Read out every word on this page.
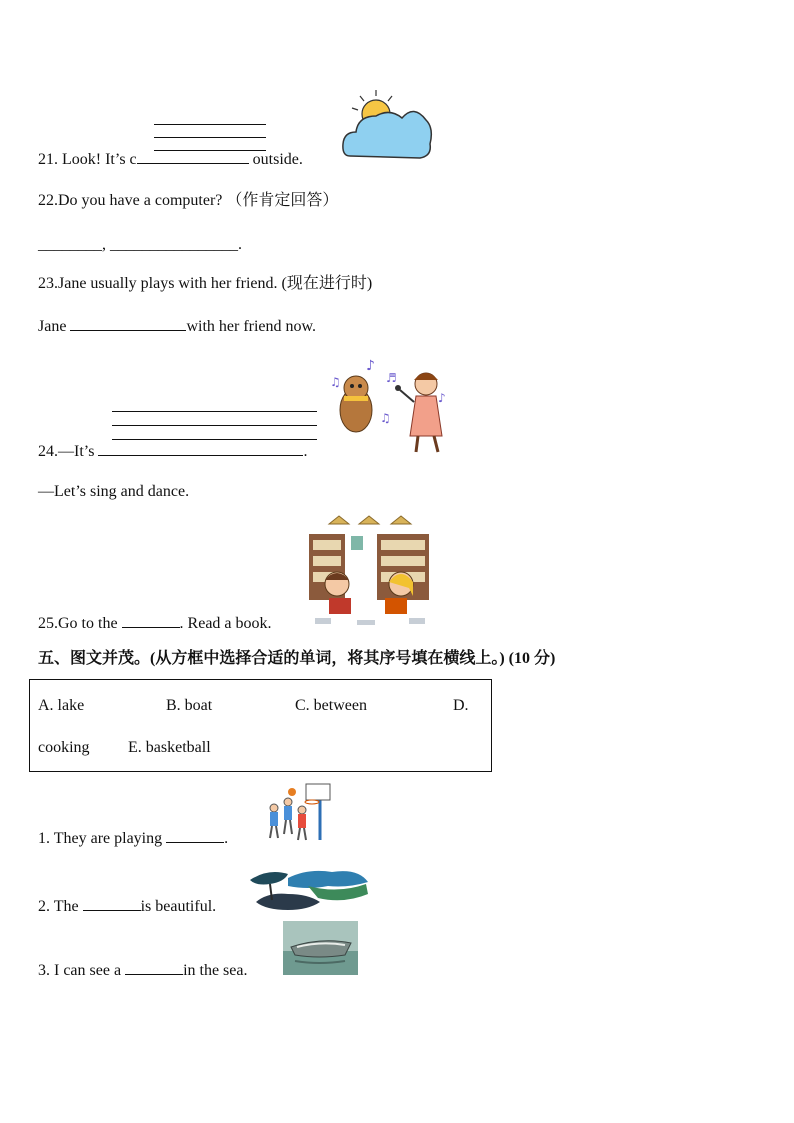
21. Look! It’s c	outside.
22.Do you have a computer? （作肯定回答）
________, ________________.
23.Jane usually plays with her friend. (现在进行时)
Jane	with her friend now.
24.—It’s	.
♪
♫	♬
♪
♫
—Let’s sing and dance.
25.Go to the	. Read a book.
五、图文并茂。(从方框中选择合适的单词，将其序号填在横线上。) (10 分)
A. lake	B. boat	C. between	D.
cooking E. basketball
1. They are playing	.
2. The	is beautiful.
3. I can see a	in the sea.
